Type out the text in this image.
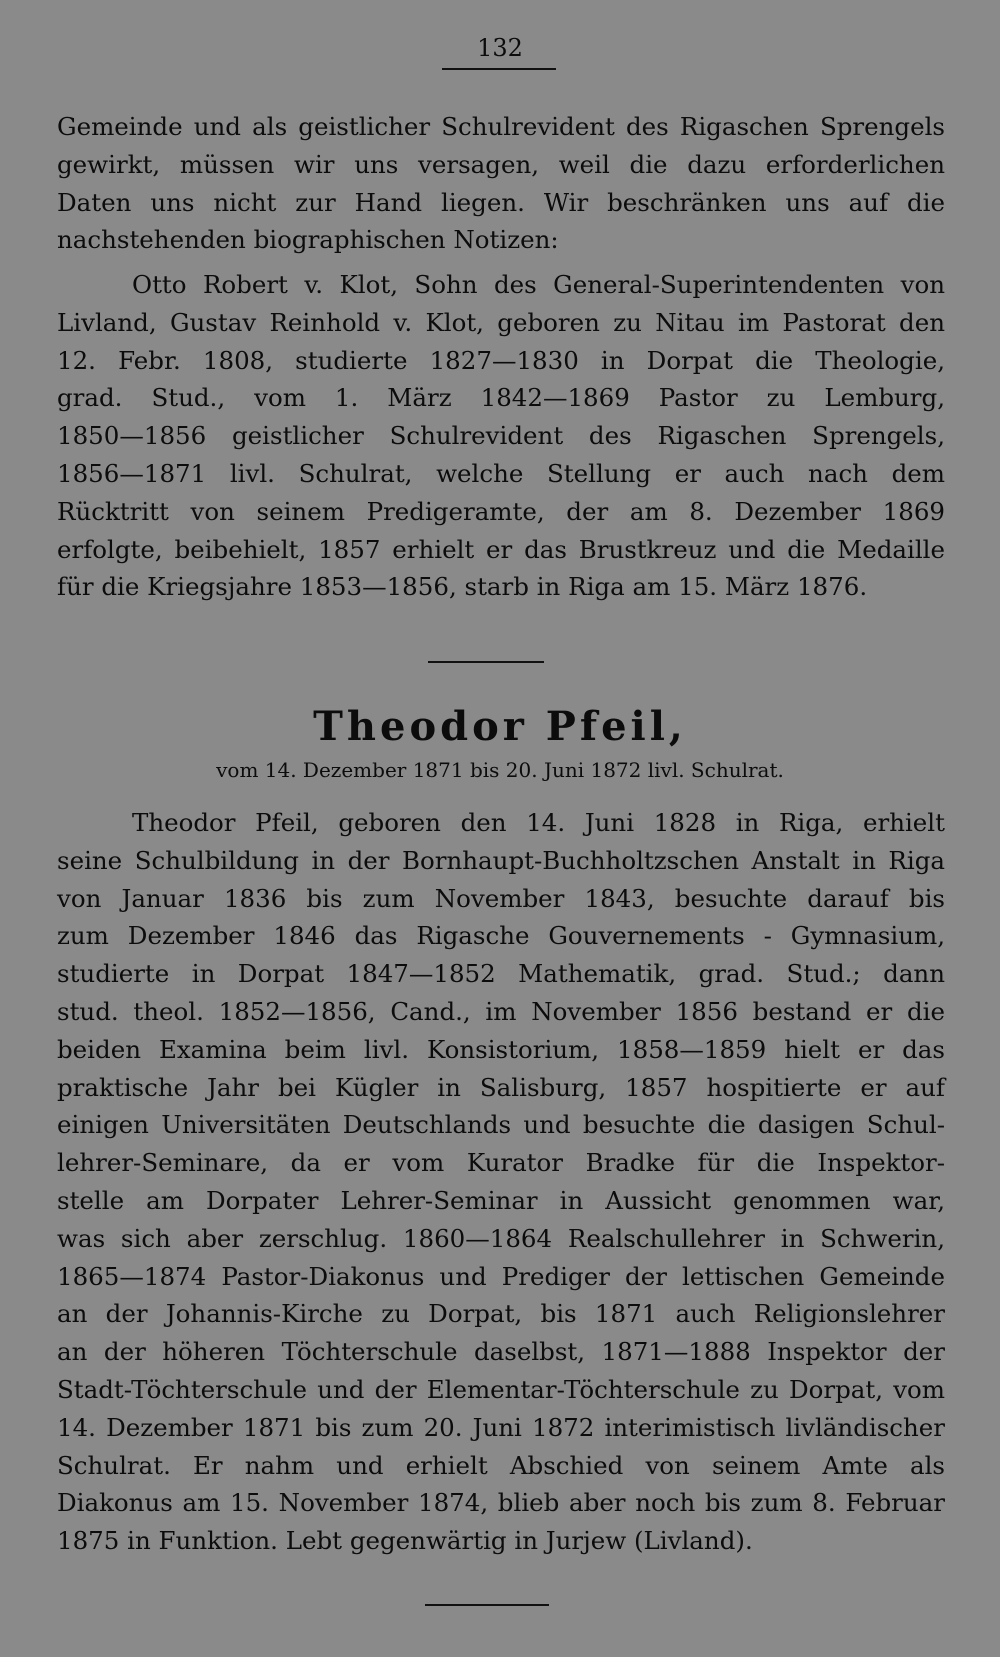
132
Gemeinde und als geistlicher Schulrevident des Rigaschen Sprengels
gewirkt, müssen wir uns versagen, weil die dazu erforderlichen
Daten uns nicht zur Hand liegen. Wir beschränken uns auf die
nachstehenden biographischen Notizen:
Otto Robert v. Klot, Sohn des General-Superintendenten von
Livland, Gustav Reinhold v. Klot, geboren zu Nitau im Pastorat den
12. Febr. 1808, studierte 1827—1830 in Dorpat die Theologie,
grad. Stud., vom 1. März 1842—1869 Pastor zu Lemburg,
1850—1856 geistlicher Schulrevident des Rigaschen Sprengels,
1856—1871 livl. Schulrat, welche Stellung er auch nach dem
Rücktritt von seinem Predigeramte, der am 8. Dezember 1869
erfolgte, beibehielt, 1857 erhielt er das Brustkreuz und die Medaille
für die Kriegsjahre 1853—1856, starb in Riga am 15. März 1876.
Theodor Pfeil,
vom 14. Dezember 1871 bis 20. Juni 1872 livl. Schulrat.
Theodor Pfeil, geboren den 14. Juni 1828 in Riga, erhielt
seine Schulbildung in der Bornhaupt-Buchholtzschen Anstalt in Riga
von Januar 1836 bis zum November 1843, besuchte darauf bis
zum Dezember 1846 das Rigasche Gouvernements - Gymnasium,
studierte in Dorpat 1847—1852 Mathematik, grad. Stud.; dann
stud. theol. 1852—1856, Cand., im November 1856 bestand er die
beiden Examina beim livl. Konsistorium, 1858—1859 hielt er das
praktische Jahr bei Kügler in Salisburg, 1857 hospitierte er auf
einigen Universitäten Deutschlands und besuchte die dasigen Schul-
lehrer-Seminare, da er vom Kurator Bradke für die Inspektor-
stelle am Dorpater Lehrer-Seminar in Aussicht genommen war,
was sich aber zerschlug. 1860—1864 Realschullehrer in Schwerin,
1865—1874 Pastor-Diakonus und Prediger der lettischen Gemeinde
an der Johannis-Kirche zu Dorpat, bis 1871 auch Religionslehrer
an der höheren Töchterschule daselbst, 1871—1888 Inspektor der
Stadt-Töchterschule und der Elementar-Töchterschule zu Dorpat, vom
14. Dezember 1871 bis zum 20. Juni 1872 interimistisch livländischer
Schulrat. Er nahm und erhielt Abschied von seinem Amte als
Diakonus am 15. November 1874, blieb aber noch bis zum 8. Februar
1875 in Funktion. Lebt gegenwärtig in Jurjew (Livland).
